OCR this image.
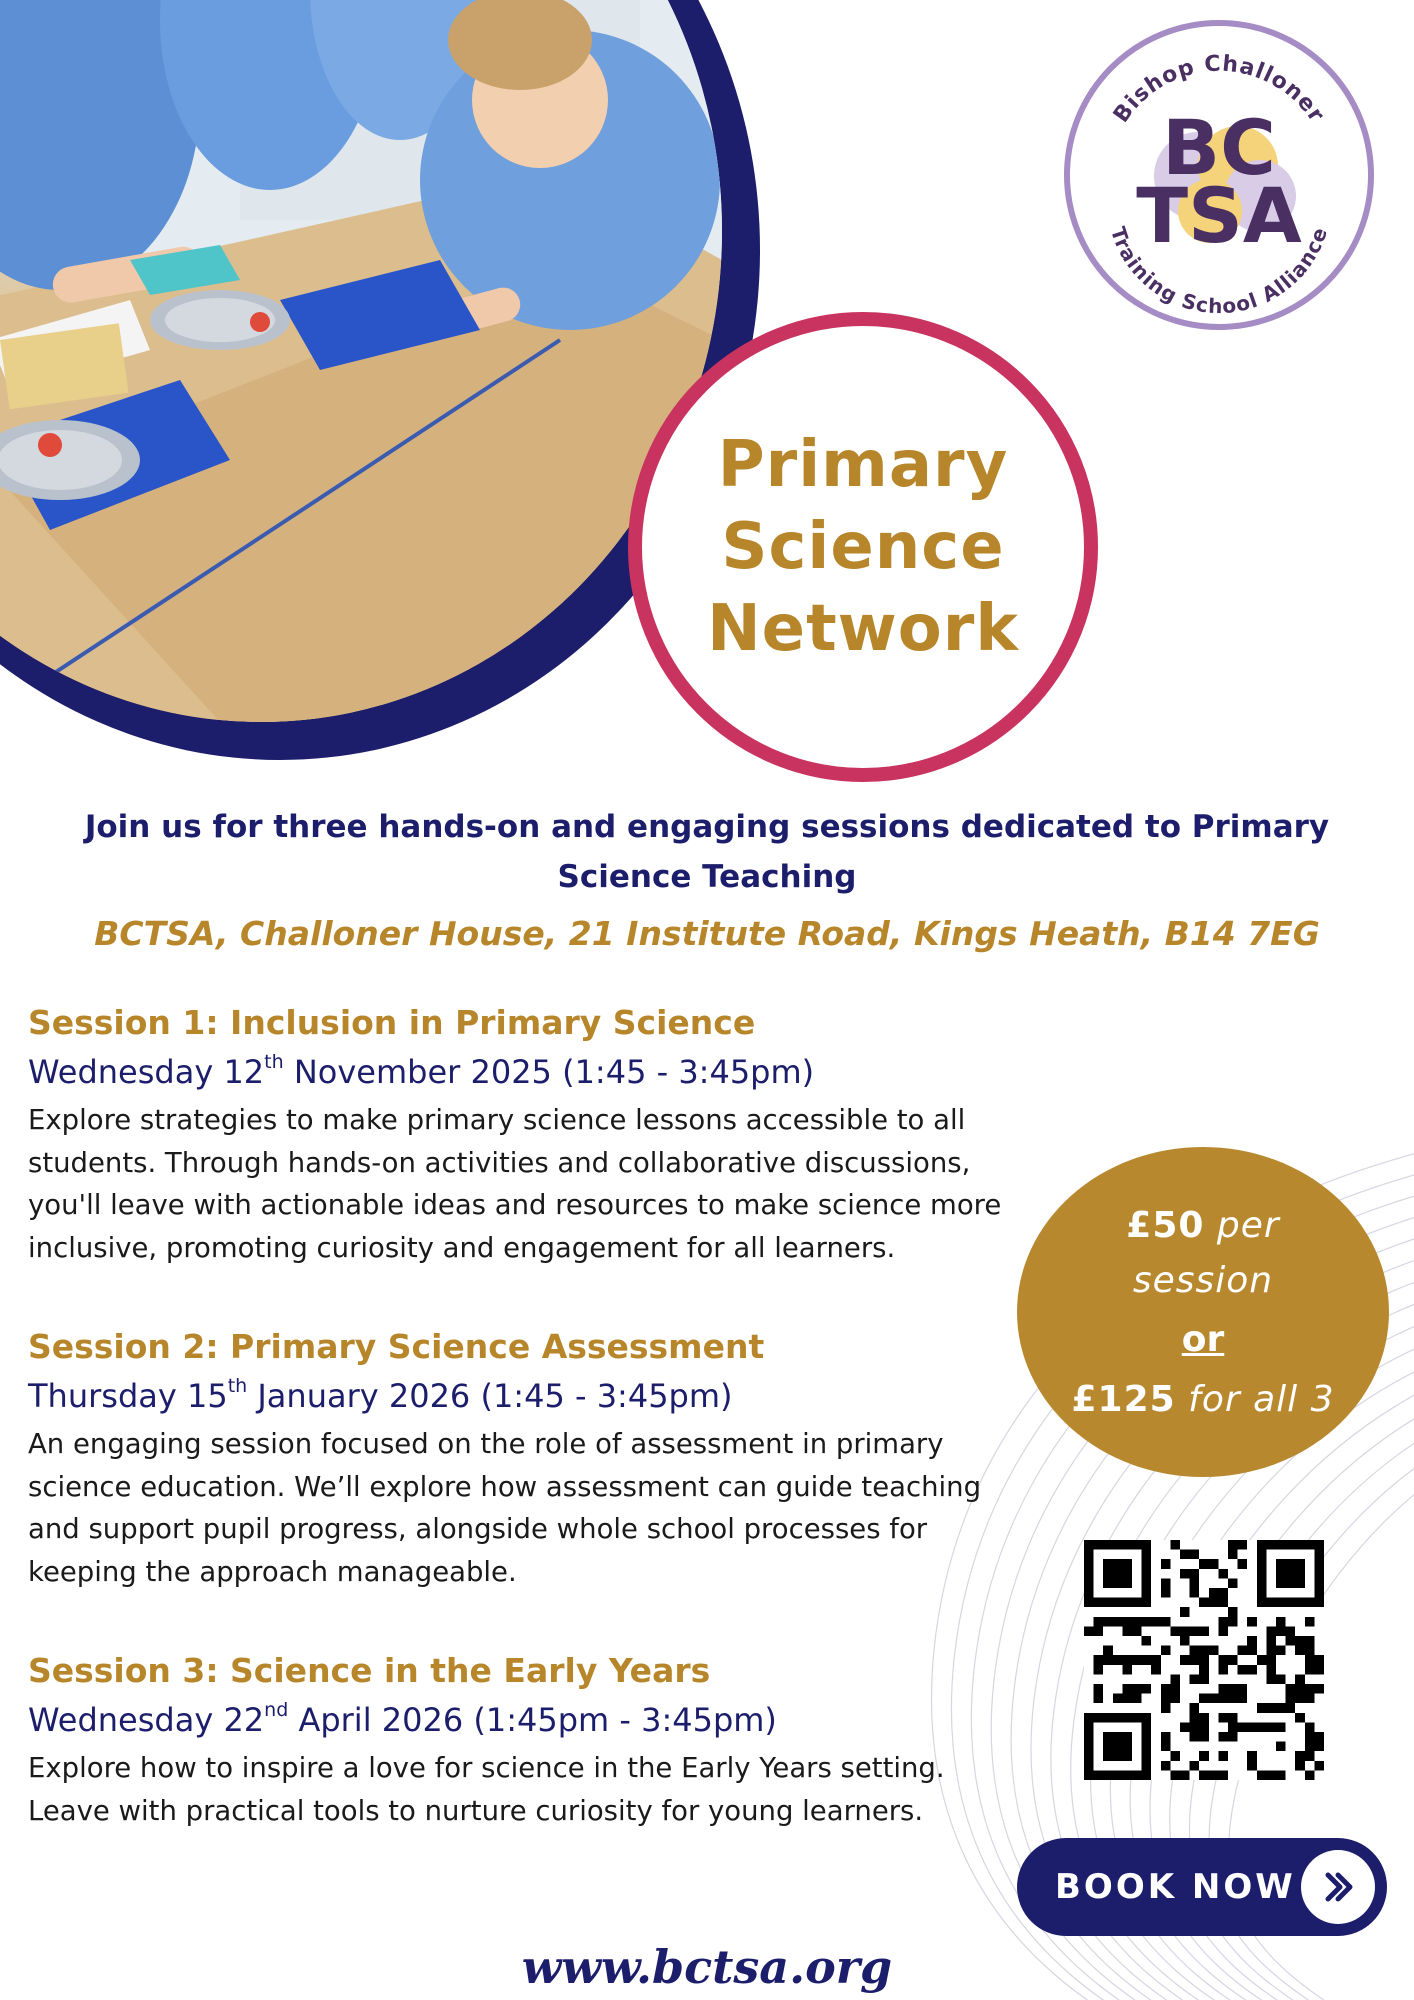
Primary
Science
Network
Bishop Challoner
Training School Alliance
BC
TSA
Join us for three hands-on and engaging sessions dedicated to Primary Science Teaching
BCTSA, Challoner House, 21 Institute Road, Kings Heath, B14 7EG
Session 1: Inclusion in Primary Science
Wednesday 12th November 2025 (1:45 - 3:45pm)
Explore strategies to make primary science lessons accessible to all students. Through hands-on activities and collaborative discussions, you'll leave with actionable ideas and resources to make science more inclusive, promoting curiosity and engagement for all learners.
Session 2: Primary Science Assessment
Thursday 15th January 2026 (1:45 - 3:45pm)
An engaging session focused on the role of assessment in primary science education. We’ll explore how assessment can guide teaching and support pupil progress, alongside whole school processes for keeping the approach manageable.
Session 3: Science in the Early Years
Wednesday 22nd April 2026 (1:45pm - 3:45pm)
Explore how to inspire a love for science in the Early Years setting. Leave with practical tools to nurture curiosity for young learners.
£50 per
session
or
£125 for all 3
BOOK NOW
www.bctsa.org
